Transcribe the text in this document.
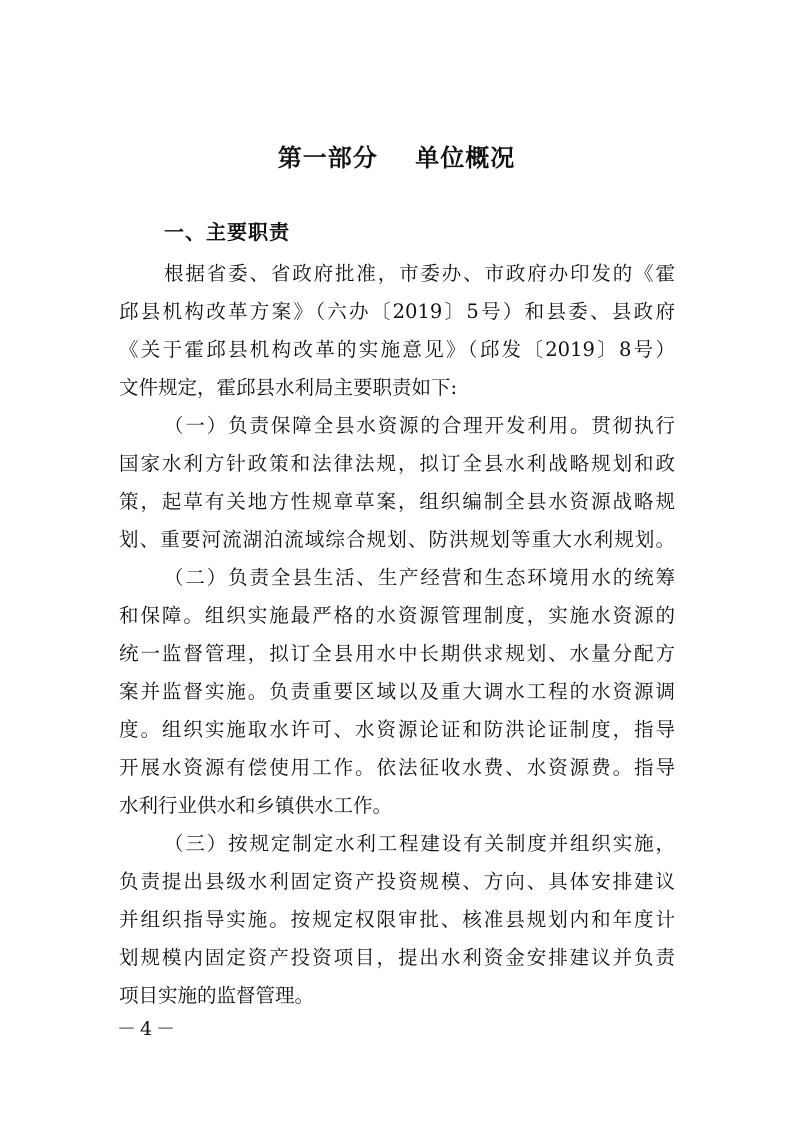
第一部分    单位概况
一、主要职责
根据省委、省政府批准，市委办、市政府办印发的《霍
邱县机构改革方案》（六办〔2019〕5号）和县委、县政府
《关于霍邱县机构改革的实施意见》（邱发〔2019〕8号）
文件规定，霍邱县水利局主要职责如下:
（一）负责保障全县水资源的合理开发利用。贯彻执行
国家水利方针政策和法律法规，拟订全县水利战略规划和政
策，起草有关地方性规章草案，组织编制全县水资源战略规
划、重要河流湖泊流域综合规划、防洪规划等重大水利规划。
（二）负责全县生活、生产经营和生态环境用水的统筹
和保障。组织实施最严格的水资源管理制度，实施水资源的
统一监督管理，拟订全县用水中长期供求规划、水量分配方
案并监督实施。负责重要区域以及重大调水工程的水资源调
度。组织实施取水许可、水资源论证和防洪论证制度，指导
开展水资源有偿使用工作。依法征收水费、水资源费。指导
水利行业供水和乡镇供水工作。
（三）按规定制定水利工程建设有关制度并组织实施，
负责提出县级水利固定资产投资规模、方向、具体安排建议
并组织指导实施。按规定权限审批、核准县规划内和年度计
划规模内固定资产投资项目，提出水利资金安排建议并负责
项目实施的监督管理。
－4－
